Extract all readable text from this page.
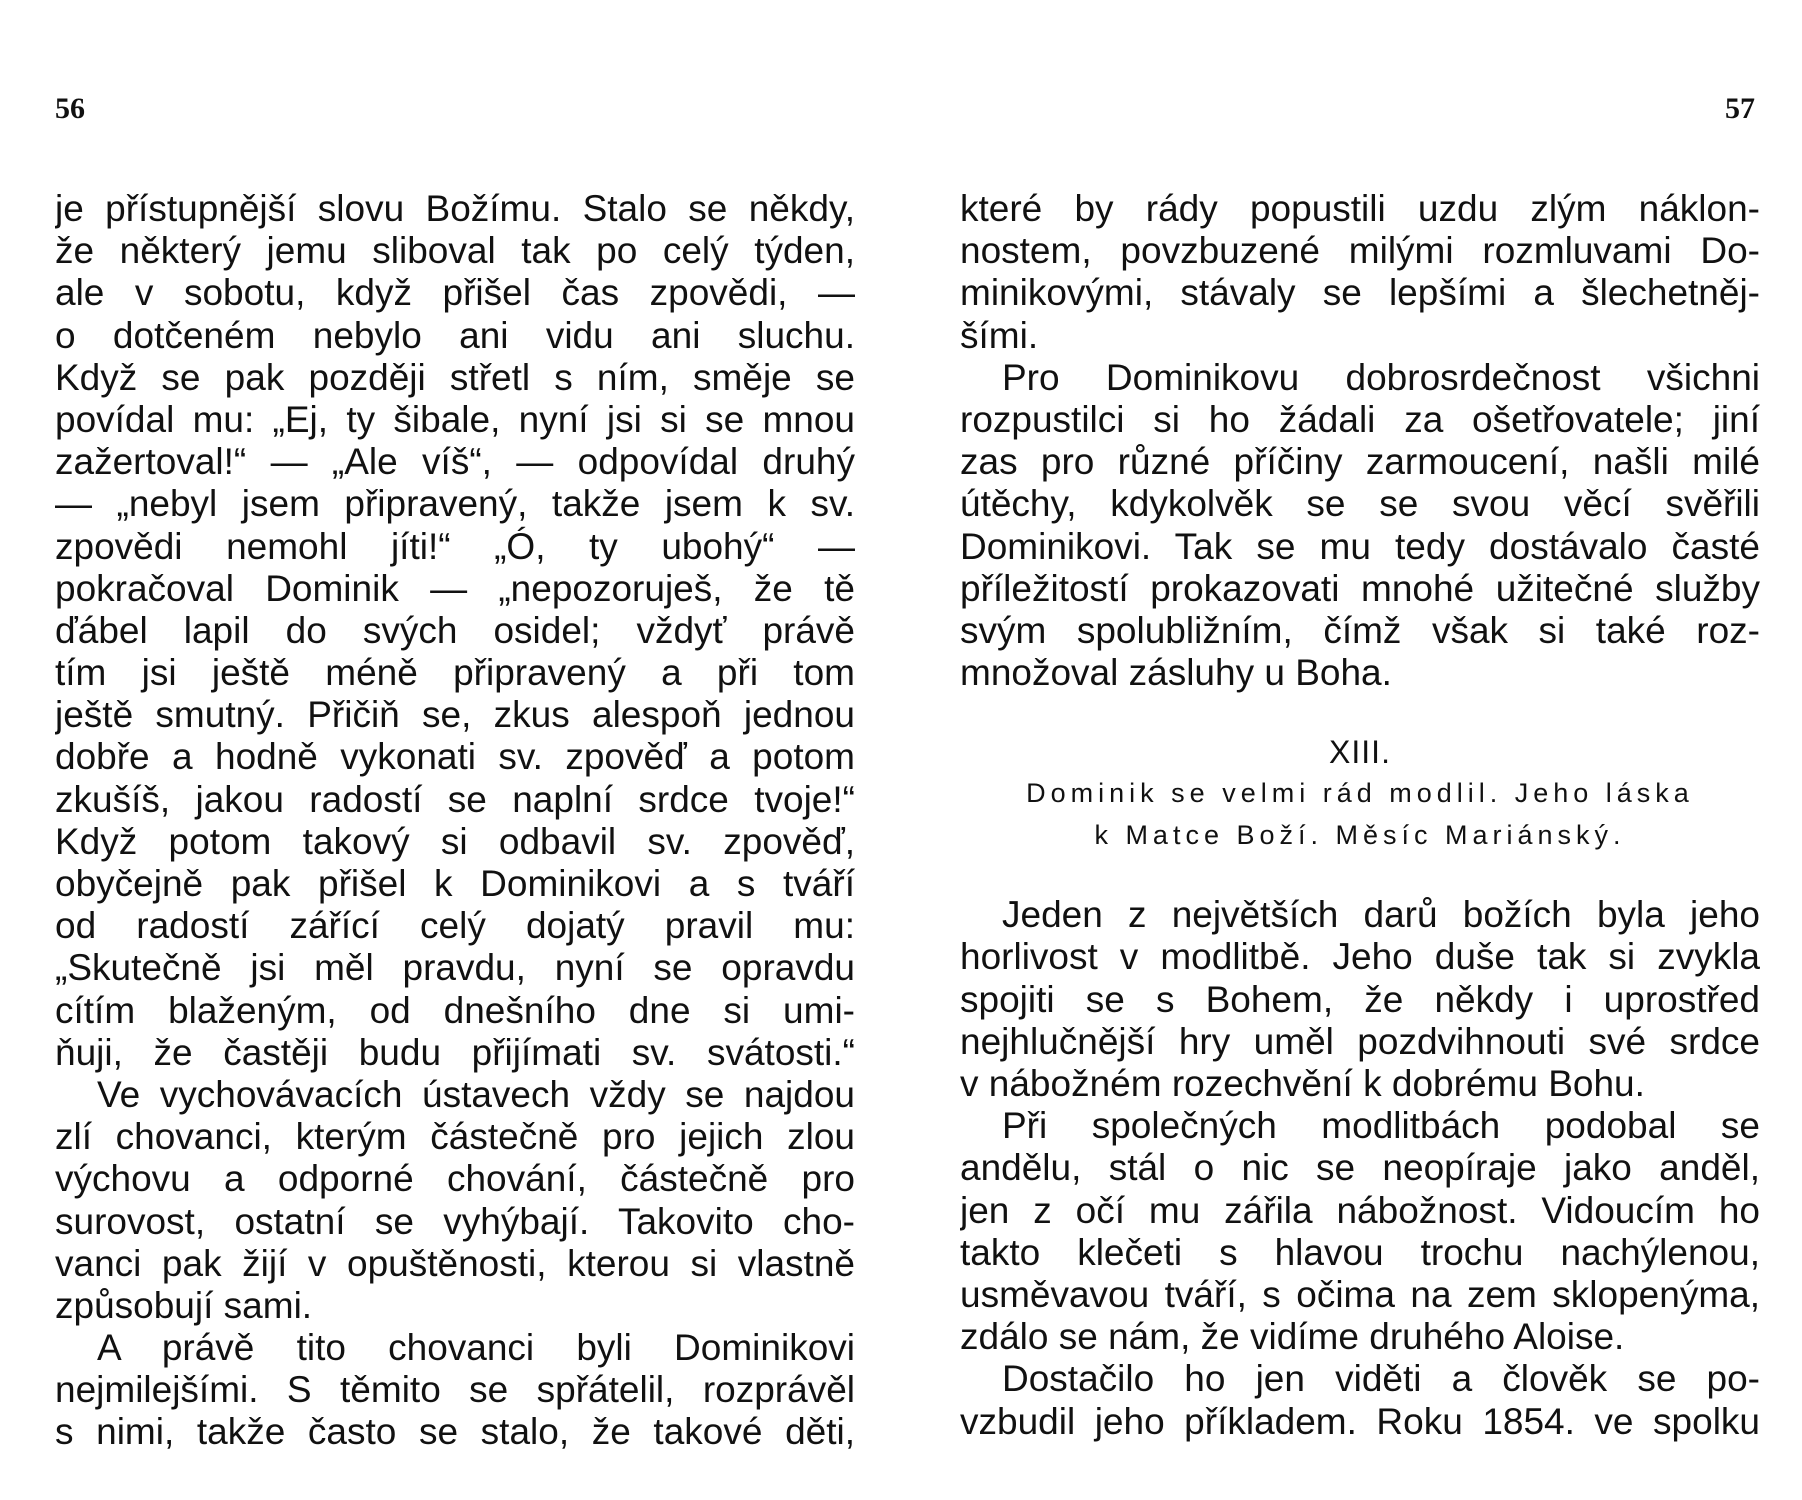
56	57
je přístupnější slovu Božímu. Stalo se někdy,
že některý jemu sliboval tak po celý týden,
ale v sobotu, když přišel čas zpovědi, —
o dotčeném nebylo ani vidu ani sluchu.
Když se pak později střetl s ním, směje se
povídal mu: „Ej, ty šibale, nyní jsi si se mnou
zažertoval!“ — „Ale víš“, — odpovídal druhý
— „nebyl jsem připravený, takže jsem k sv.
zpovědi nemohl jíti!“ „Ó, ty ubohý“ —
pokračoval Dominik — „nepozoruješ, že tě
ďábel lapil do svých osidel; vždyť právě
tím jsi ještě méně připravený a při tom
ještě smutný. Přičiň se, zkus alespoň jednou
dobře a hodně vykonati sv. zpověď a potom
zkušíš, jakou radostí se naplní srdce tvoje!“
Když potom takový si odbavil sv. zpověď,
obyčejně pak přišel k Dominikovi a s tváří
od radostí zářící celý dojatý pravil mu:
„Skutečně jsi měl pravdu, nyní se opravdu
cítím blaženým, od dnešního dne si umi-
ňuji, že častěji budu přijímati sv. svátosti.“
Ve vychovávacích ústavech vždy se najdou
zlí chovanci, kterým částečně pro jejich zlou
výchovu a odporné chování, částečně pro
surovost, ostatní se vyhýbají. Takovito cho-
vanci pak žijí v opuštěnosti, kterou si vlastně
způsobují sami.
A právě tito chovanci byli Dominikovi
nejmilejšími. S těmito se spřátelil, rozprávěl
s nimi, takže často se stalo, že takové děti,
které by rády popustili uzdu zlým náklon-
nostem, povzbuzené milými rozmluvami Do-
minikovými, stávaly se lepšími a šlechetněj-
šími.
Pro Dominikovu dobrosrdečnost všichni
rozpustilci si ho žádali za ošetřovatele; jiní
zas pro různé příčiny zarmoucení, našli milé
útěchy, kdykolvěk se se svou věcí svěřili
Dominikovi. Tak se mu tedy dostávalo časté
příležitostí prokazovati mnohé užitečné služby
svým spolubližním, čímž však si také roz-
množoval zásluhy u Boha.
XIII.
Dominik se velmi rád modlil. Jeho láska
k Matce Boží. Měsíc Mariánský.
Jeden z největších darů božích byla jeho
horlivost v modlitbě. Jeho duše tak si zvykla
spojiti se s Bohem, že někdy i uprostřed
nejhlučnější hry uměl pozdvihnouti své srdce
v nábožném rozechvění k dobrému Bohu.
Při společných modlitbách podobal se
andělu, stál o nic se neopíraje jako anděl,
jen z očí mu zářila nábožnost. Vidoucím ho
takto klečeti s hlavou trochu nachýlenou,
usměvavou tváří, s očima na zem sklopenýma,
zdálo se nám, že vidíme druhého Aloise.
Dostačilo ho jen viděti a člověk se po-
vzbudil jeho příkladem. Roku 1854. ve spolku
